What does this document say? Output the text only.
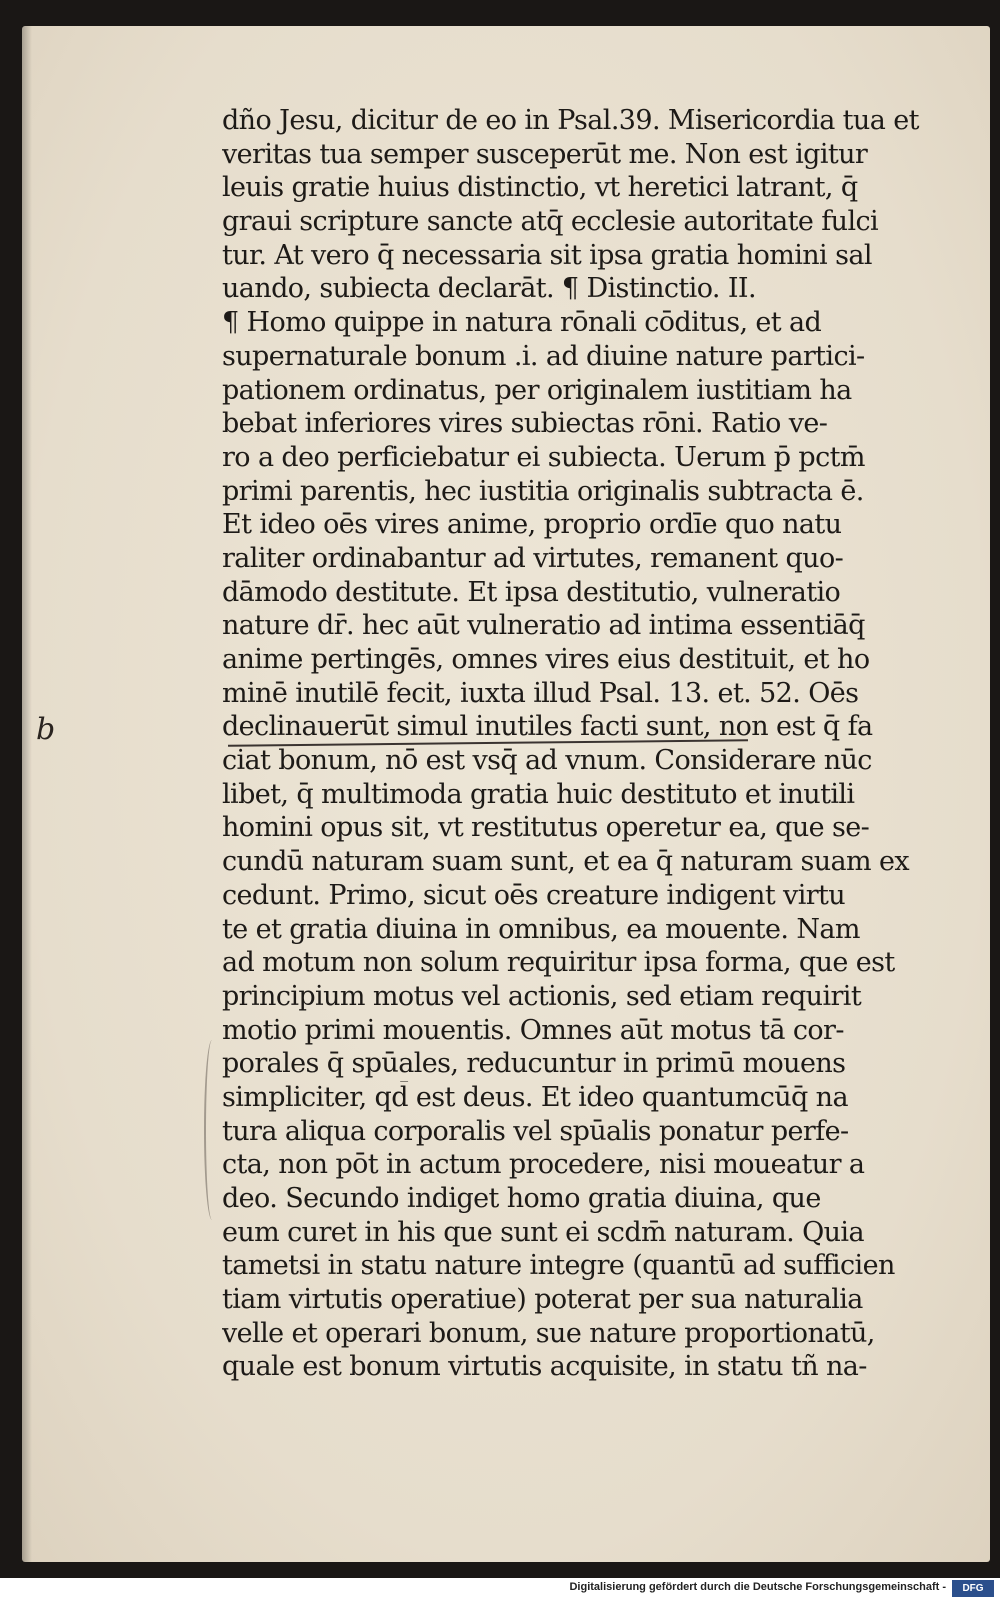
dño Jesu, dicitur de eo in Psal.39. Misericordia tua et
veritas tua semper susceperūt me. Non est igitur
leuis gratie huius distinctio, vt heretici latrant, q̄
graui scripture sancte atq̄ ecclesie autoritate fulci
tur. At vero q̄ necessaria sit ipsa gratia homini sal
uando, subiecta declarāt. ¶ Distinctio. II.
¶ Homo quippe in natura rōnali cōditus, et ad
supernaturale bonum .i. ad diuine nature partici-
pationem ordinatus, per originalem iustitiam ha
bebat inferiores vires subiectas rōni. Ratio ve-
ro a deo perficiebatur ei subiecta. Uerum p̄ pctm̄
primi parentis, hec iustitia originalis subtracta ē.
Et ideo oēs vires anime, proprio ordīe quo natu
raliter ordinabantur ad virtutes, remanent quo-
dāmodo destitute. Et ipsa destitutio, vulneratio
nature dr̄. hec aūt vulneratio ad intima essentiāq̄
anime pertingēs, omnes vires eius destituit, et ho
minē inutilē fecit, iuxta illud Psal. 13. et. 52. Oēs
declinauerūt simul inutiles facti sunt, non est q̄ fa
ciat bonum, nō est vsq̄ ad vnum. Considerare nūc
libet, q̄ multimoda gratia huic destituto et inutili
homini opus sit, vt restitutus operetur ea, que se-
cundū naturam suam sunt, et ea q̄ naturam suam ex
cedunt. Primo, sicut oēs creature indigent virtu
te et gratia diuina in omnibus, ea mouente. Nam
ad motum non solum requiritur ipsa forma, que est
principium motus vel actionis, sed etiam requirit
motio primi mouentis. Omnes aūt motus tā cor-
porales q̄ spūales, reducuntur in primū mouens
simpliciter, qd̄ est deus. Et ideo quantumcūq̄ na
tura aliqua corporalis vel spūalis ponatur perfe-
cta, non pōt in actum procedere, nisi moueatur a
deo. Secundo indiget homo gratia diuina, que
eum curet in his que sunt ei scdm̄ naturam. Quia
tametsi in statu nature integre (quantū ad sufficien
tiam virtutis operatiue) poterat per sua naturalia
velle et operari bonum, sue nature proportionatū,
quale est bonum virtutis acquisite, in statu tñ na-
b
Digitalisierung gefördert durch die Deutsche Forschungsgemeinschaft -	DFG
